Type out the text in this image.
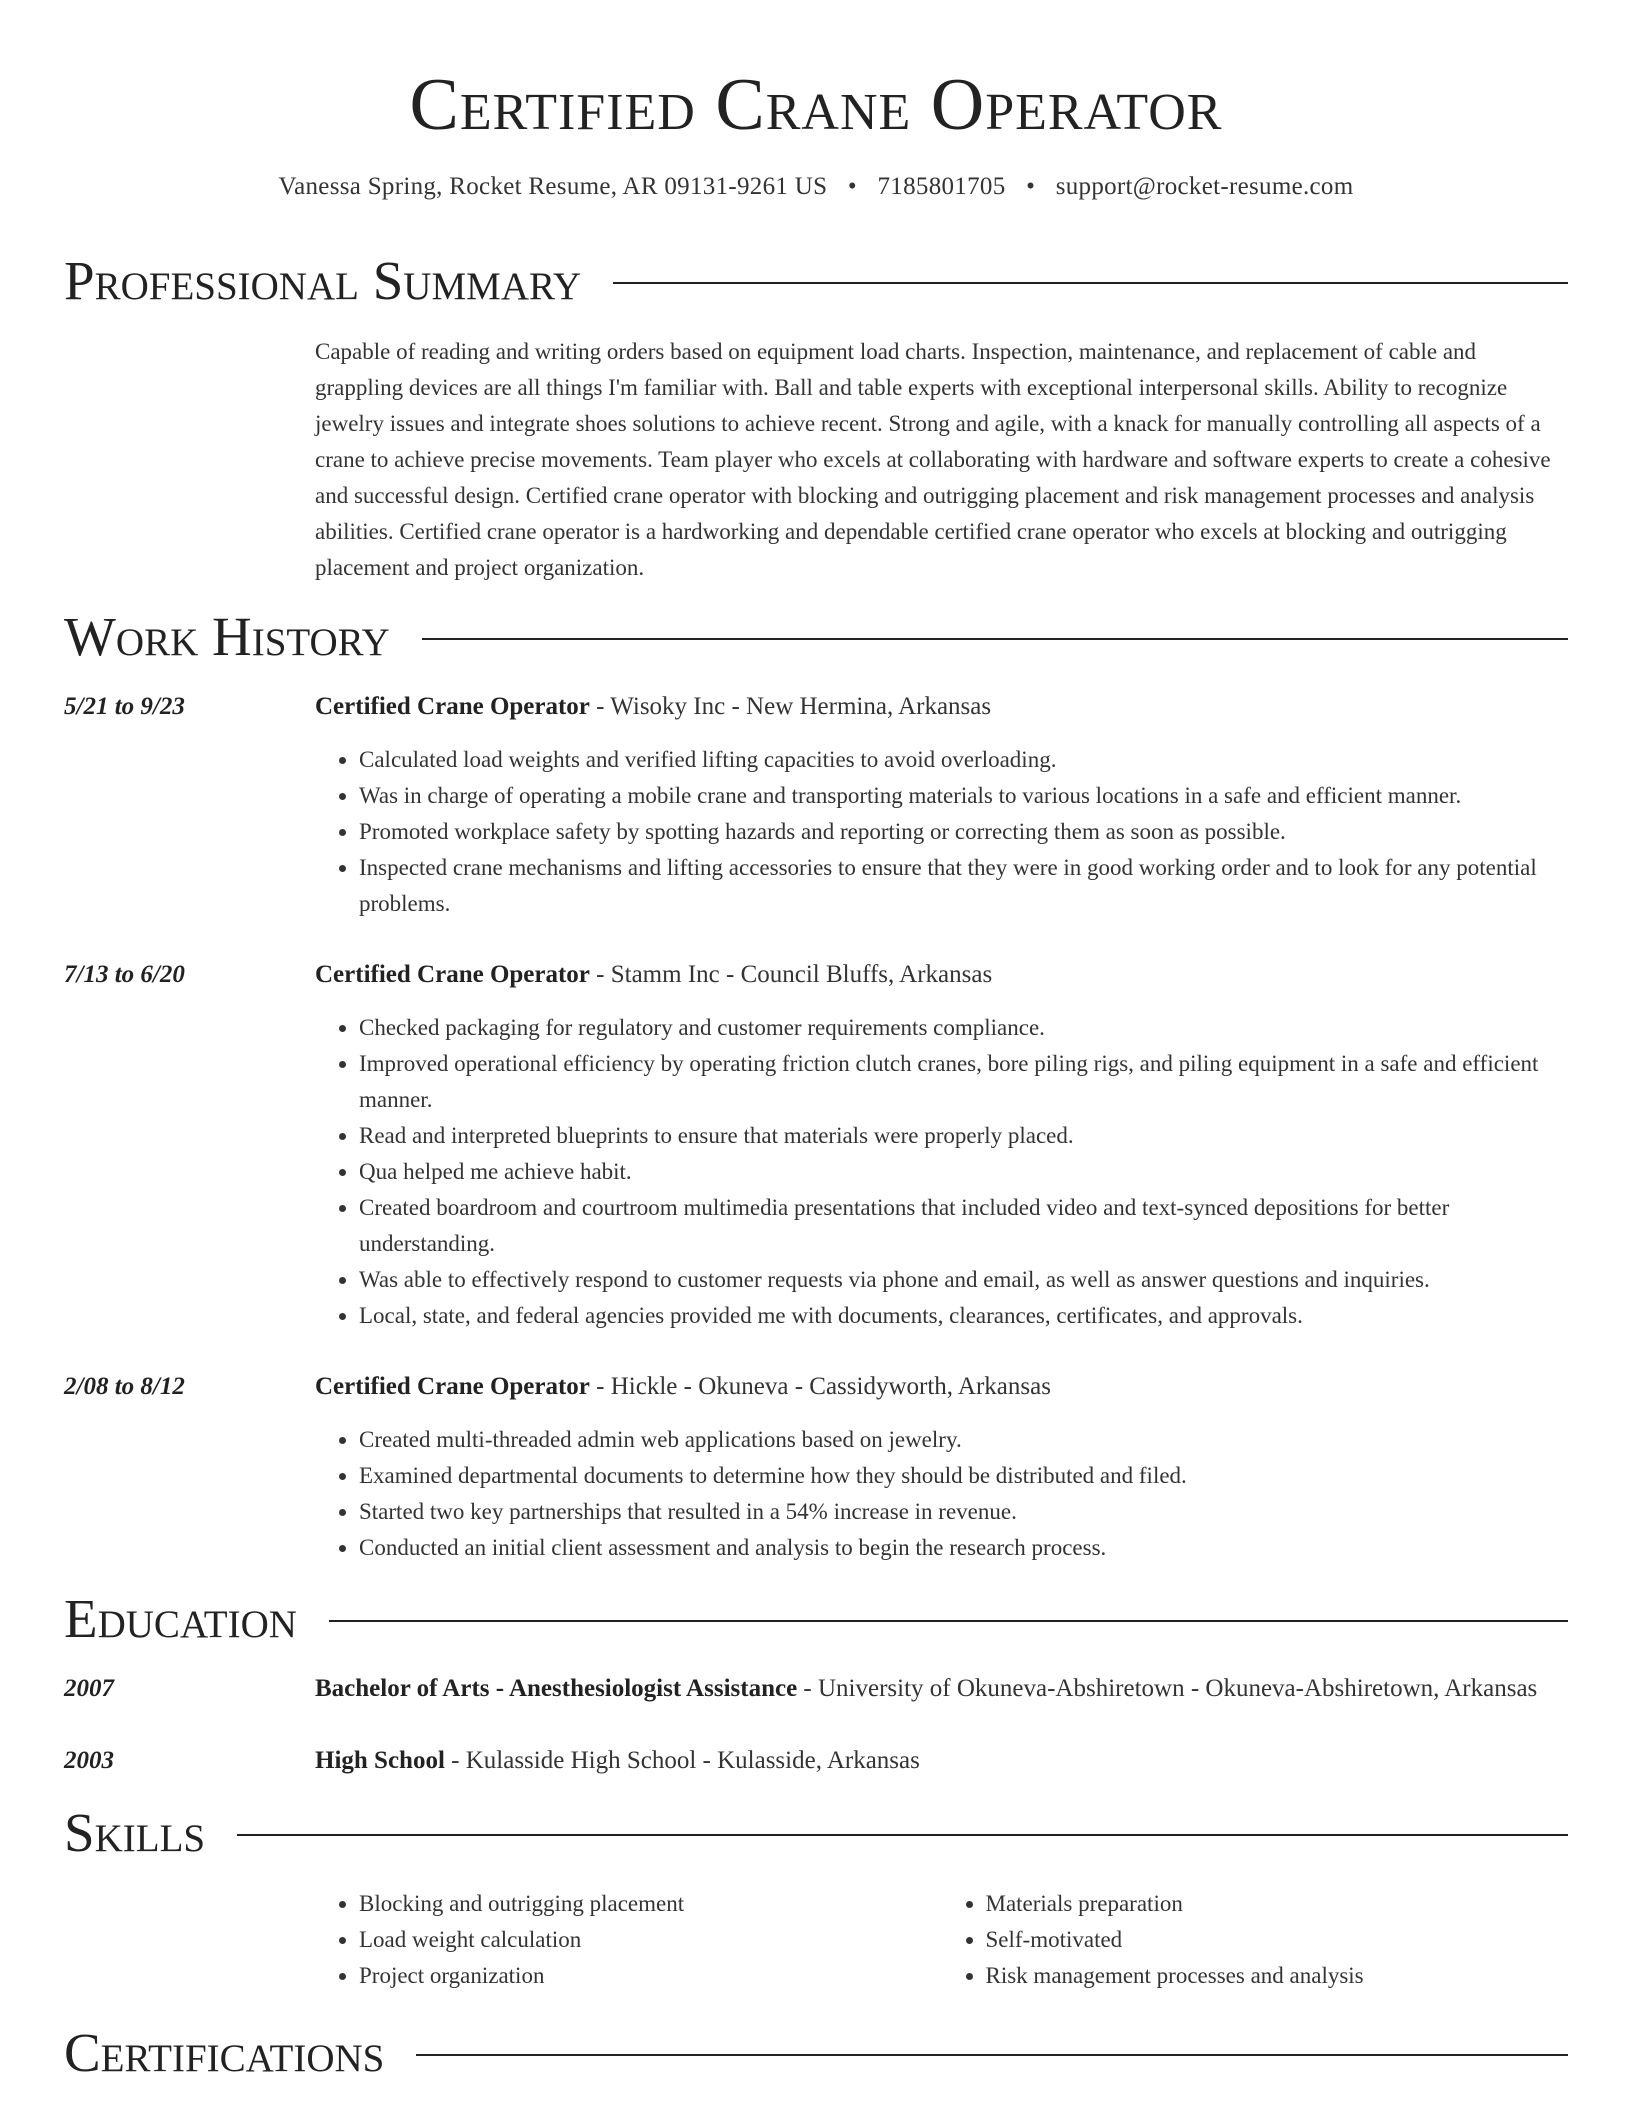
Certified Crane Operator
Vanessa Spring, Rocket Resume, AR 09131-9261 US • 7185801705 • support@rocket-resume.com
Professional Summary
Capable of reading and writing orders based on equipment load charts. Inspection, maintenance, and replacement of cable and grappling devices are all things I'm familiar with. Ball and table experts with exceptional interpersonal skills. Ability to recognize jewelry issues and integrate shoes solutions to achieve recent. Strong and agile, with a knack for manually controlling all aspects of a crane to achieve precise movements. Team player who excels at collaborating with hardware and software experts to create a cohesive and successful design. Certified crane operator with blocking and outrigging placement and risk management processes and analysis abilities. Certified crane operator is a hardworking and dependable certified crane operator who excels at blocking and outrigging placement and project organization.
Work History
5/21 to 9/23	Certified Crane Operator - Wisoky Inc - New Hermina, Arkansas
• Calculated load weights and verified lifting capacities to avoid overloading.
• Was in charge of operating a mobile crane and transporting materials to various locations in a safe and efficient manner.
• Promoted workplace safety by spotting hazards and reporting or correcting them as soon as possible.
• Inspected crane mechanisms and lifting accessories to ensure that they were in good working order and to look for any potential problems.
7/13 to 6/20	Certified Crane Operator - Stamm Inc - Council Bluffs, Arkansas
• Checked packaging for regulatory and customer requirements compliance.
• Improved operational efficiency by operating friction clutch cranes, bore piling rigs, and piling equipment in a safe and efficient manner.
• Read and interpreted blueprints to ensure that materials were properly placed.
• Qua helped me achieve habit.
• Created boardroom and courtroom multimedia presentations that included video and text-synced depositions for better understanding.
• Was able to effectively respond to customer requests via phone and email, as well as answer questions and inquiries.
• Local, state, and federal agencies provided me with documents, clearances, certificates, and approvals.
2/08 to 8/12	Certified Crane Operator - Hickle - Okuneva - Cassidyworth, Arkansas
• Created multi-threaded admin web applications based on jewelry.
• Examined departmental documents to determine how they should be distributed and filed.
• Started two key partnerships that resulted in a 54% increase in revenue.
• Conducted an initial client assessment and analysis to begin the research process.
Education
2007	Bachelor of Arts - Anesthesiologist Assistance - University of Okuneva-Abshiretown - Okuneva-Abshiretown, Arkansas
2003	High School - Kulasside High School - Kulasside, Arkansas
Skills
• Blocking and outrigging placement
• Load weight calculation
• Project organization
• Materials preparation
• Self-motivated
• Risk management processes and analysis
Certifications
